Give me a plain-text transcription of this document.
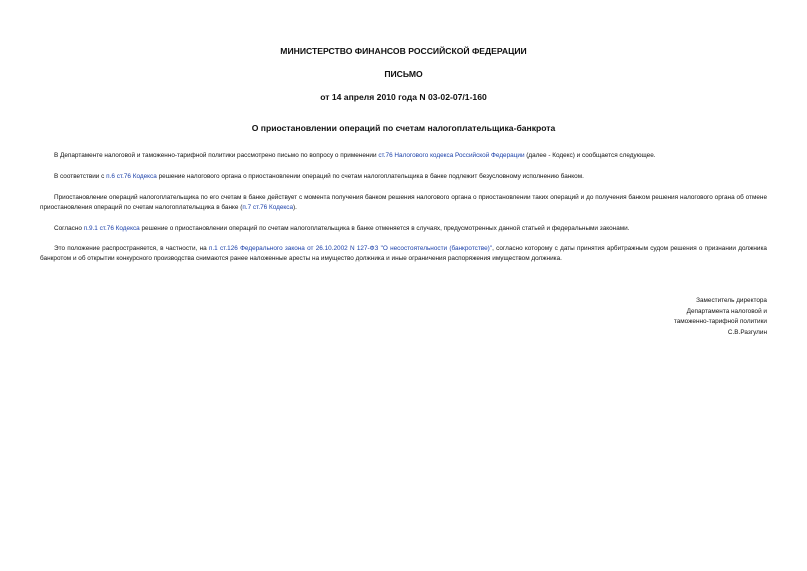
МИНИСТЕРСТВО ФИНАНСОВ РОССИЙСКОЙ ФЕДЕРАЦИИ
ПИСЬМО
от 14 апреля 2010 года N 03-02-07/1-160
О приостановлении операций по счетам налогоплательщика-банкрота

В Департаменте налоговой и таможенно-тарифной политики рассмотрено письмо по вопросу о применении ст.76 Налогового кодекса Российской Федерации (далее - Кодекс) и сообщается следующее.

В соответствии с п.6 ст.76 Кодекса решение налогового органа о приостановлении операций по счетам налогоплательщика в банке подлежит безусловному исполнению банком.

Приостановление операций налогоплательщика по его счетам в банке действует с момента получения банком решения налогового органа о приостановлении таких операций и до получения банком решения налогового органа об отмене приостановления операций по счетам налогоплательщика в банке (п.7 ст.76 Кодекса).

Согласно п.9.1 ст.76 Кодекса решение о приостановлении операций по счетам налогоплательщика в банке отменяется в случаях, предусмотренных данной статьей и федеральными законами.

Это положение распространяется, в частности, на п.1 ст.126 Федерального закона от 26.10.2002 N 127-ФЗ "О несостоятельности (банкротстве)", согласно которому с даты принятия арбитражным судом решения о признании должника банкротом и об открытии конкурсного производства снимаются ранее наложенные аресты на имущество должника и иные ограничения распоряжения имуществом должника.

Заместитель директора
Департамента налоговой и
таможенно-тарифной политики
С.В.Разгулин
